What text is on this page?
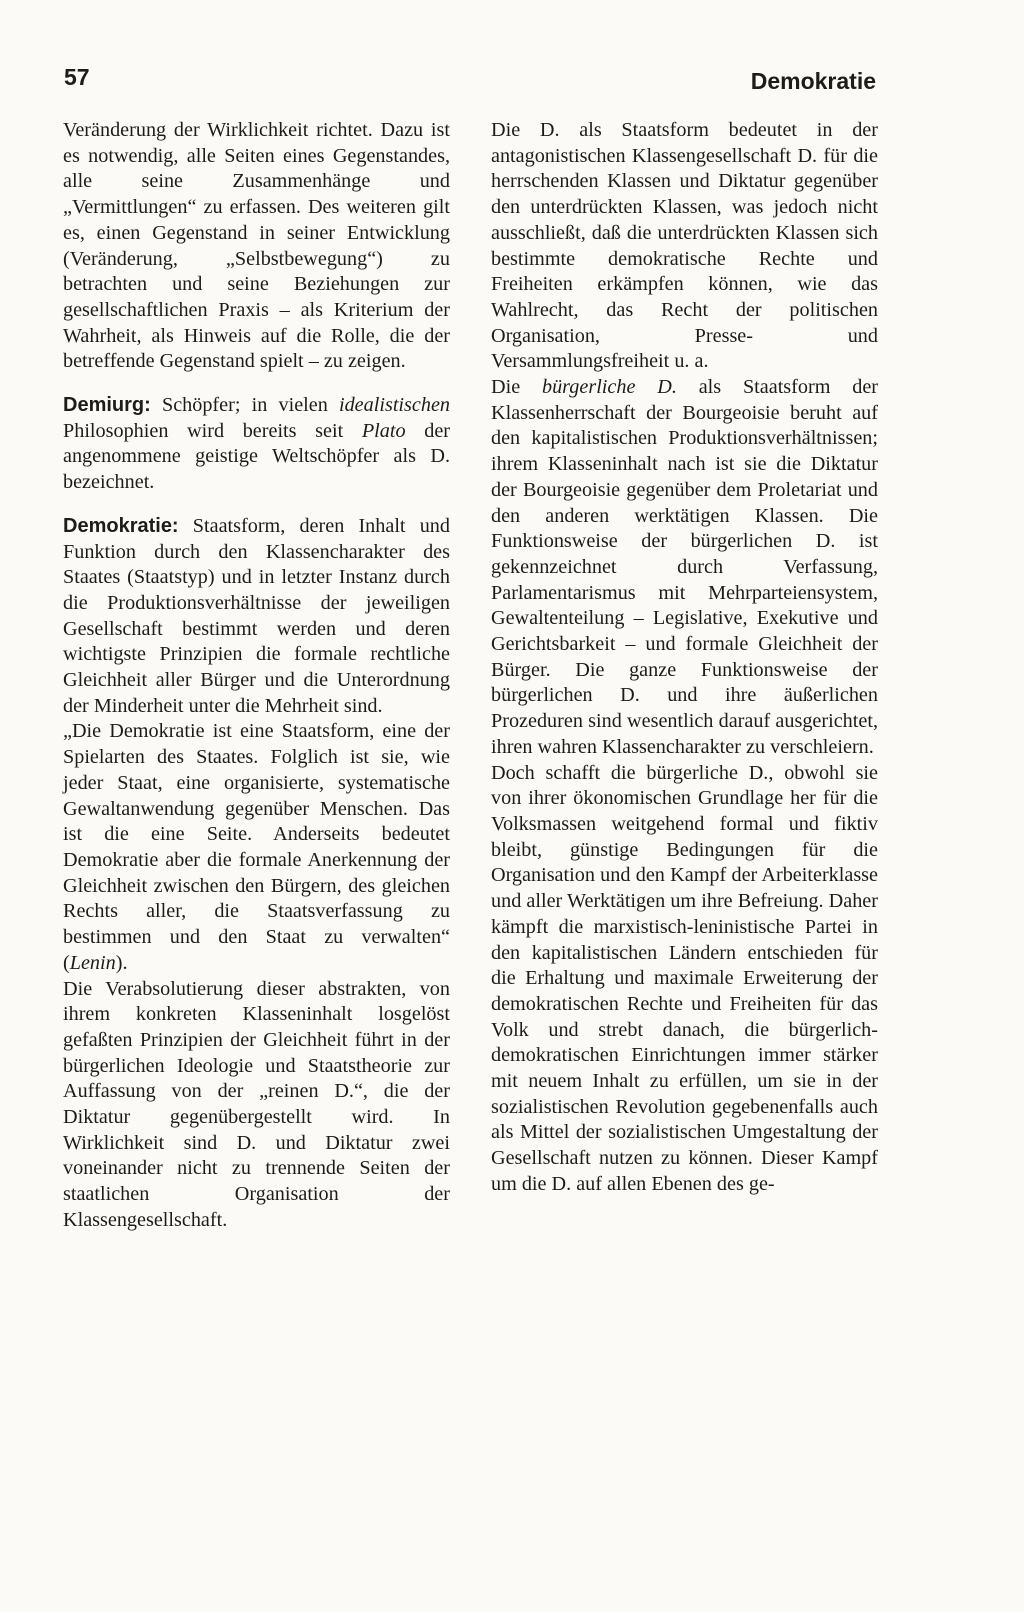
57	Demokratie

Veränderung der Wirklichkeit richtet. Dazu ist es notwendig, alle Seiten eines Gegenstandes, alle seine Zusammenhänge und „Vermittlungen“ zu erfassen. Des weiteren gilt es, einen Gegenstand in seiner Entwicklung (Veränderung, „Selbstbewegung“) zu betrachten und seine Beziehungen zur gesellschaftlichen Praxis – als Kriterium der Wahrheit, als Hinweis auf die Rolle, die der betreffende Gegenstand spielt – zu zeigen.

Demiurg: Schöpfer; in vielen idealistischen Philosophien wird bereits seit Plato der angenommene geistige Weltschöpfer als D. bezeichnet.

Demokratie: Staatsform, deren Inhalt und Funktion durch den Klassencharakter des Staates (Staatstyp) und in letzter Instanz durch die Produktionsverhältnisse der jeweiligen Gesellschaft bestimmt werden und deren wichtigste Prinzipien die formale rechtliche Gleichheit aller Bürger und die Unterordnung der Minderheit unter die Mehrheit sind.

„Die Demokratie ist eine Staatsform, eine der Spielarten des Staates. Folglich ist sie, wie jeder Staat, eine organisierte, systematische Gewaltanwendung gegenüber Menschen. Das ist die eine Seite. Anderseits bedeutet Demokratie aber die formale Anerkennung der Gleichheit zwischen den Bürgern, des gleichen Rechts aller, die Staatsverfassung zu bestimmen und den Staat zu verwalten“ (Lenin).

Die Verabsolutierung dieser abstrakten, von ihrem konkreten Klasseninhalt losgelöst gefaßten Prinzipien der Gleichheit führt in der bürgerlichen Ideologie und Staatstheorie zur Auffassung von der „reinen D.“, die der Diktatur gegenübergestellt wird. In Wirklichkeit sind D. und Diktatur zwei voneinander nicht zu trennende Seiten der staatlichen Organisation der Klassengesellschaft.

Die D. als Staatsform bedeutet in der antagonistischen Klassengesellschaft D. für die herrschenden Klassen und Diktatur gegenüber den unterdrückten Klassen, was jedoch nicht ausschließt, daß die unterdrückten Klassen sich bestimmte demokratische Rechte und Freiheiten erkämpfen können, wie das Wahlrecht, das Recht der politischen Organisation, Presse- und Versammlungsfreiheit u. a.

Die bürgerliche D. als Staatsform der Klassenherrschaft der Bourgeoisie beruht auf den kapitalistischen Produktionsverhältnissen; ihrem Klasseninhalt nach ist sie die Diktatur der Bourgeoisie gegenüber dem Proletariat und den anderen werktätigen Klassen. Die Funktionsweise der bürgerlichen D. ist gekennzeichnet durch Verfassung, Parlamentarismus mit Mehrparteiensystem, Gewaltenteilung – Legislative, Exekutive und Gerichtsbarkeit – und formale Gleichheit der Bürger. Die ganze Funktionsweise der bürgerlichen D. und ihre äußerlichen Prozeduren sind wesentlich darauf ausgerichtet, ihren wahren Klassencharakter zu verschleiern.

Doch schafft die bürgerliche D., obwohl sie von ihrer ökonomischen Grundlage her für die Volksmassen weitgehend formal und fiktiv bleibt, günstige Bedingungen für die Organisation und den Kampf der Arbeiterklasse und aller Werktätigen um ihre Befreiung. Daher kämpft die marxistisch-leninistische Partei in den kapitalistischen Ländern entschieden für die Erhaltung und maximale Erweiterung der demokratischen Rechte und Freiheiten für das Volk und strebt danach, die bürgerlich-demokratischen Einrichtungen immer stärker mit neuem Inhalt zu erfüllen, um sie in der sozialistischen Revolution gegebenenfalls auch als Mittel der sozialistischen Umgestaltung der Gesellschaft nutzen zu können. Dieser Kampf um die D. auf allen Ebenen des ge-
